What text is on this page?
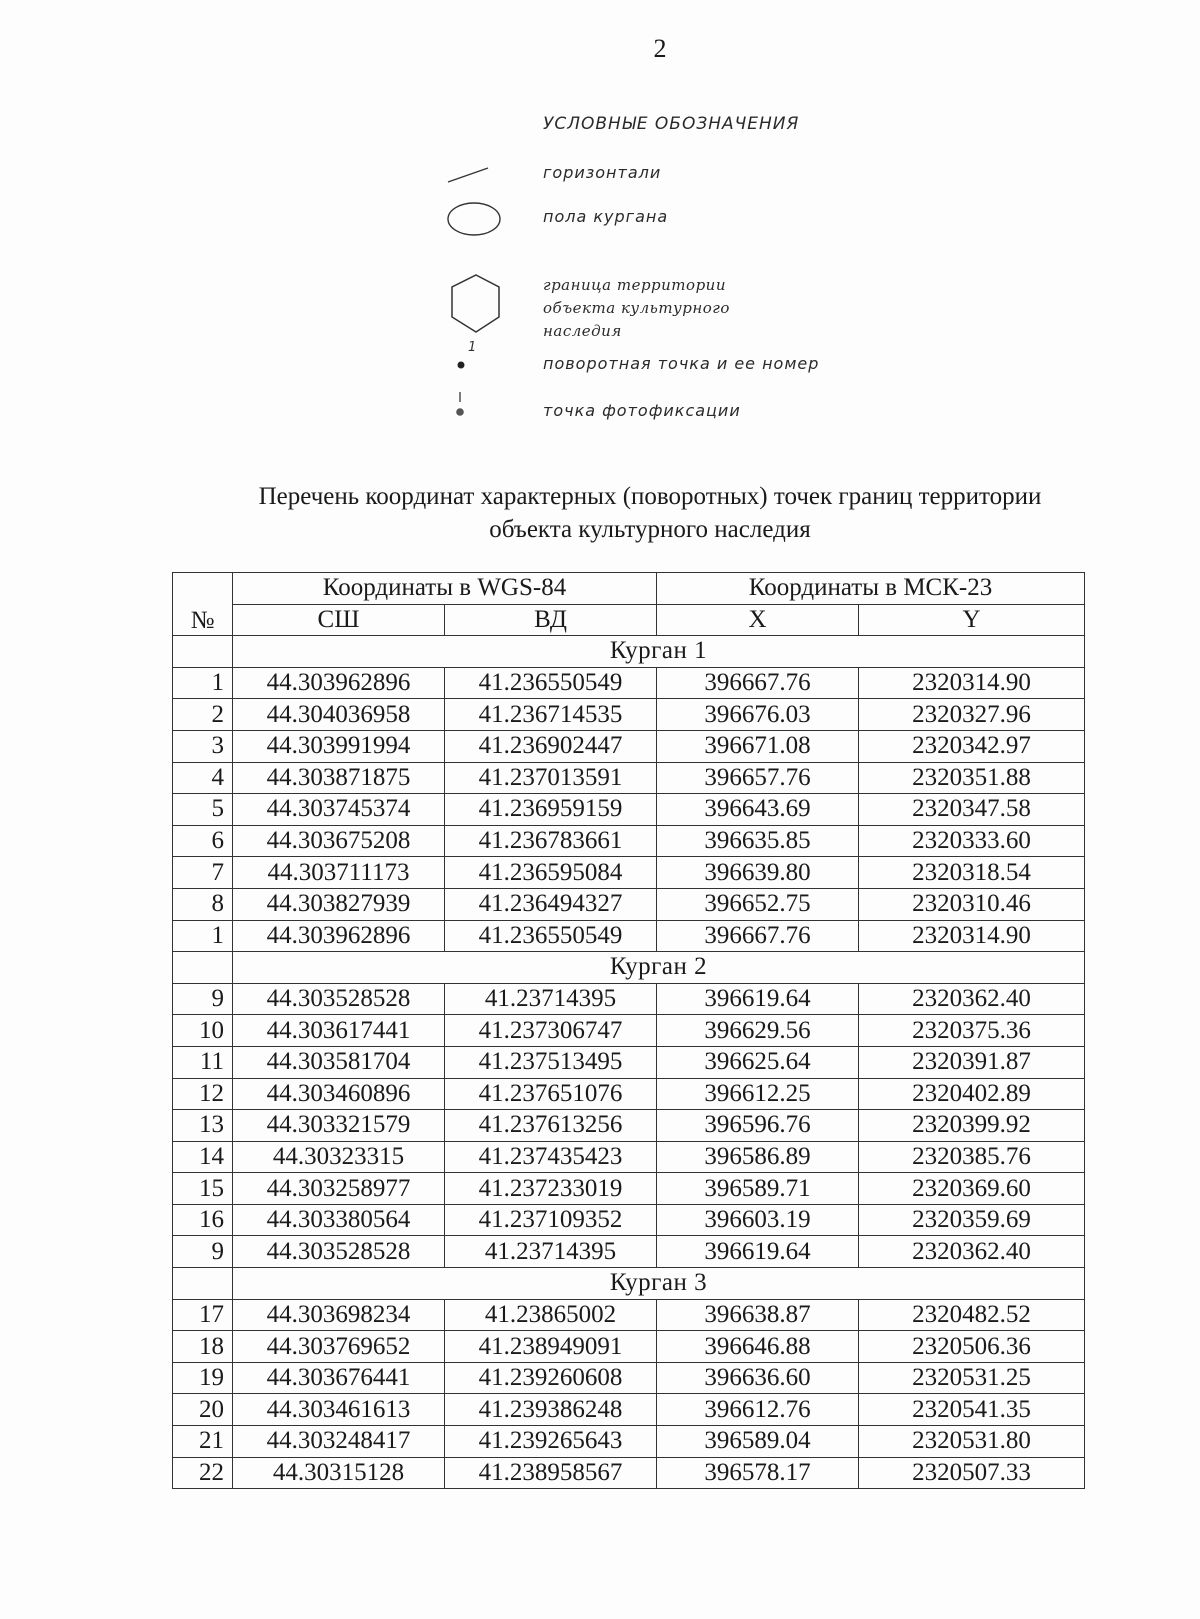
2
УСЛОВНЫЕ ОБОЗНАЧЕНИЯ
горизонтали
пола кургана
граница территории
объекта культурного
наследия
1
поворотная точка и ее номер
точка фотофиксации
Перечень координат характерных (поворотных) точек границ территории
объекта культурного наследия
№	Координаты в WGS-84		Координаты в МСК-23	
	СШ	ВД	X	Y
	Курган 1			
1	44.303962896	41.236550549	396667.76	2320314.90
2	44.304036958	41.236714535	396676.03	2320327.96
3	44.303991994	41.236902447	396671.08	2320342.97
4	44.303871875	41.237013591	396657.76	2320351.88
5	44.303745374	41.236959159	396643.69	2320347.58
6	44.303675208	41.236783661	396635.85	2320333.60
7	44.303711173	41.236595084	396639.80	2320318.54
8	44.303827939	41.236494327	396652.75	2320310.46
1	44.303962896	41.236550549	396667.76	2320314.90
	Курган 2			
9	44.303528528	41.23714395	396619.64	2320362.40
10	44.303617441	41.237306747	396629.56	2320375.36
11	44.303581704	41.237513495	396625.64	2320391.87
12	44.303460896	41.237651076	396612.25	2320402.89
13	44.303321579	41.237613256	396596.76	2320399.92
14	44.30323315	41.237435423	396586.89	2320385.76
15	44.303258977	41.237233019	396589.71	2320369.60
16	44.303380564	41.237109352	396603.19	2320359.69
9	44.303528528	41.23714395	396619.64	2320362.40
	Курган 3			
17	44.303698234	41.23865002	396638.87	2320482.52
18	44.303769652	41.238949091	396646.88	2320506.36
19	44.303676441	41.239260608	396636.60	2320531.25
20	44.303461613	41.239386248	396612.76	2320541.35
21	44.303248417	41.239265643	396589.04	2320531.80
22	44.30315128	41.238958567	396578.17	2320507.33
